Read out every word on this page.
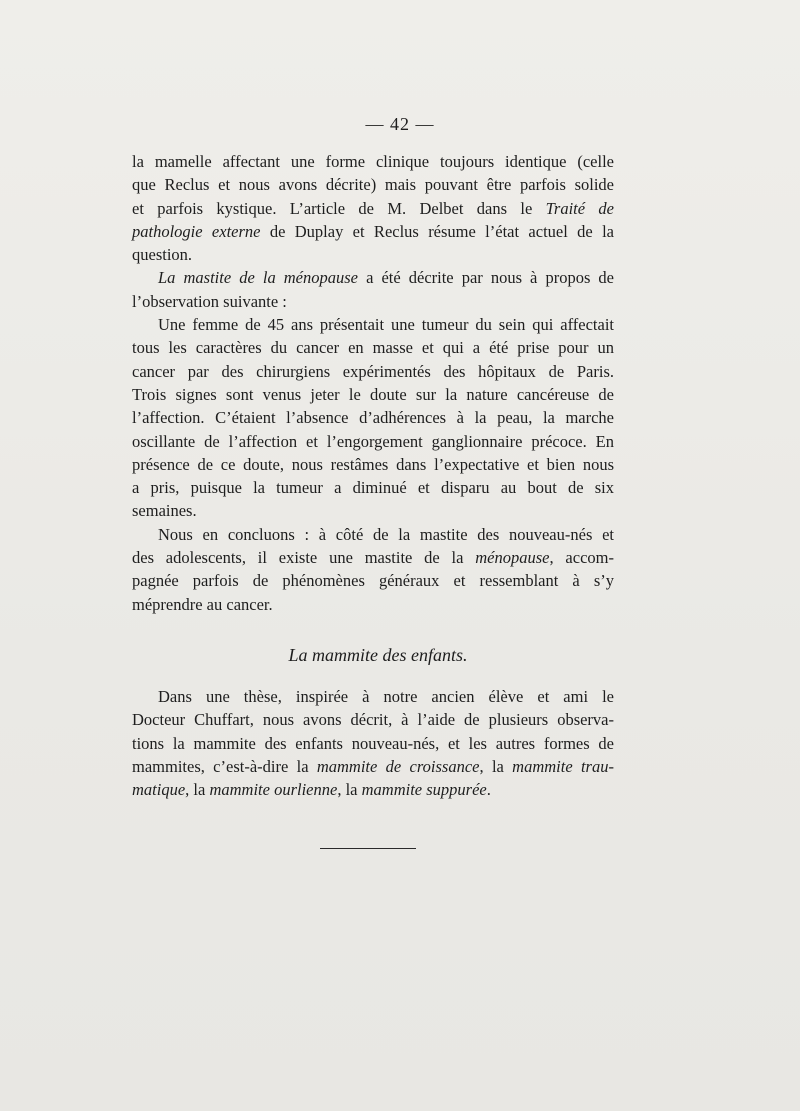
— 42 —
la mamelle affectant une forme clinique toujours identique (celle
que Reclus et nous avons décrite) mais pouvant être parfois solide
et parfois kystique. L’article de M. Delbet dans le Traité de
pathologie externe de Duplay et Reclus résume l’état actuel de la
question.
La mastite de la ménopause a été décrite par nous à propos de
l’observation suivante :
Une femme de 45 ans présentait une tumeur du sein qui affectait
tous les caractères du cancer en masse et qui a été prise pour un
cancer par des chirurgiens expérimentés des hôpitaux de Paris.
Trois signes sont venus jeter le doute sur la nature cancéreuse de
l’affection. C’étaient l’absence d’adhérences à la peau, la marche
oscillante de l’affection et l’engorgement ganglionnaire précoce. En
présence de ce doute, nous restâmes dans l’expectative et bien nous
a pris, puisque la tumeur a diminué et disparu au bout de six
semaines.
Nous en concluons : à côté de la mastite des nouveau-nés et
des adolescents, il existe une mastite de la ménopause, accom-
pagnée parfois de phénomènes généraux et ressemblant à s’y
méprendre au cancer.
La mammite des enfants.
Dans une thèse, inspirée à notre ancien élève et ami le
Docteur Chuffart, nous avons décrit, à l’aide de plusieurs observa-
tions la mammite des enfants nouveau-nés, et les autres formes de
mammites, c’est-à-dire la mammite de croissance, la mammite trau-
matique, la mammite ourlienne, la mammite suppurée.
